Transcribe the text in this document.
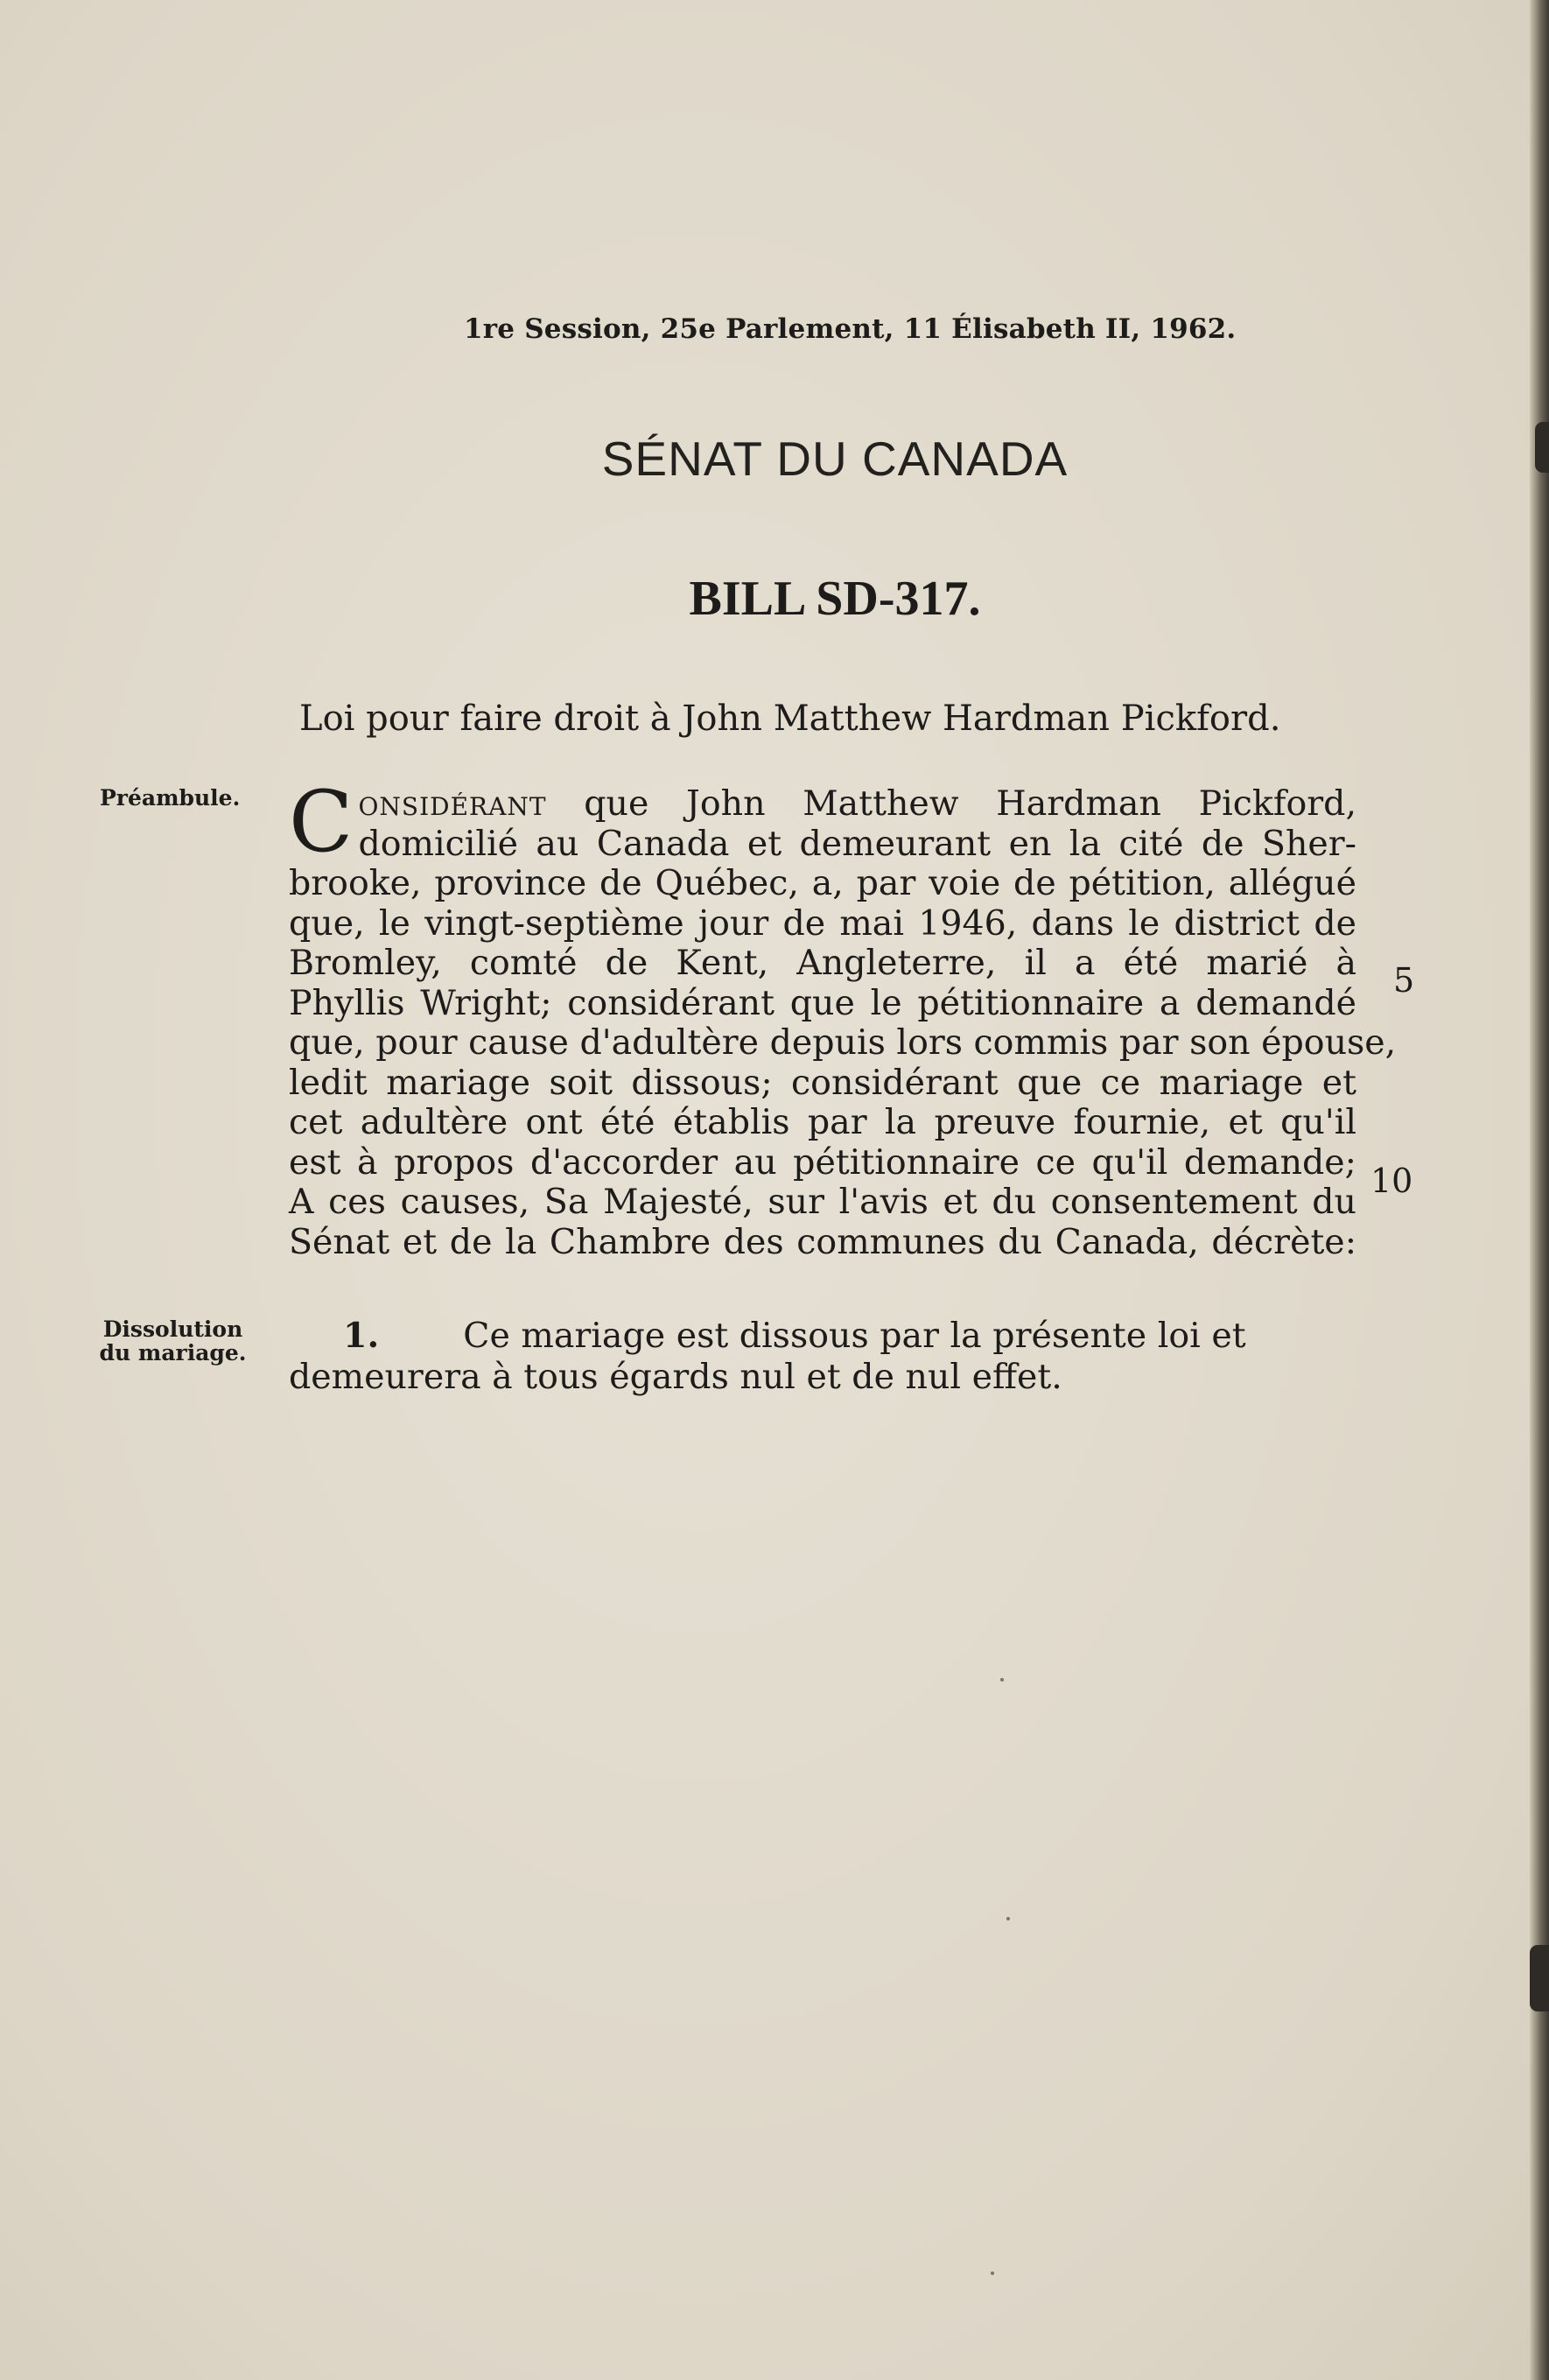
1re Session, 25e Parlement, 11 Élisabeth II, 1962.
SÉNAT DU CANADA
BILL SD-317.
Loi pour faire droit à John Matthew Hardman Pickford.
Préambule. C onsidérant que John Matthew Hardman Pickford,
domicilié au Canada et demeurant en la cité de Sher-
brooke, province de Québec, a, par voie de pétition, allégué
que, le vingt-septième jour de mai 1946, dans le district de
Bromley, comté de Kent, Angleterre, il a été marié à
Phyllis Wright; considérant que le pétitionnaire a demandé
que, pour cause d'adultère depuis lors commis par son épouse,
ledit mariage soit dissous; considérant que ce mariage et
cet adultère ont été établis par la preuve fournie, et qu'il
est à propos d'accorder au pétitionnaire ce qu'il demande;
A ces causes, Sa Majesté, sur l'avis et du consentement du
Sénat et de la Chambre des communes du Canada, décrète:
5
10
Dissolution
du mariage.	1. Ce mariage est dissous par la présente loi et
demeurera à tous égards nul et de nul effet.
